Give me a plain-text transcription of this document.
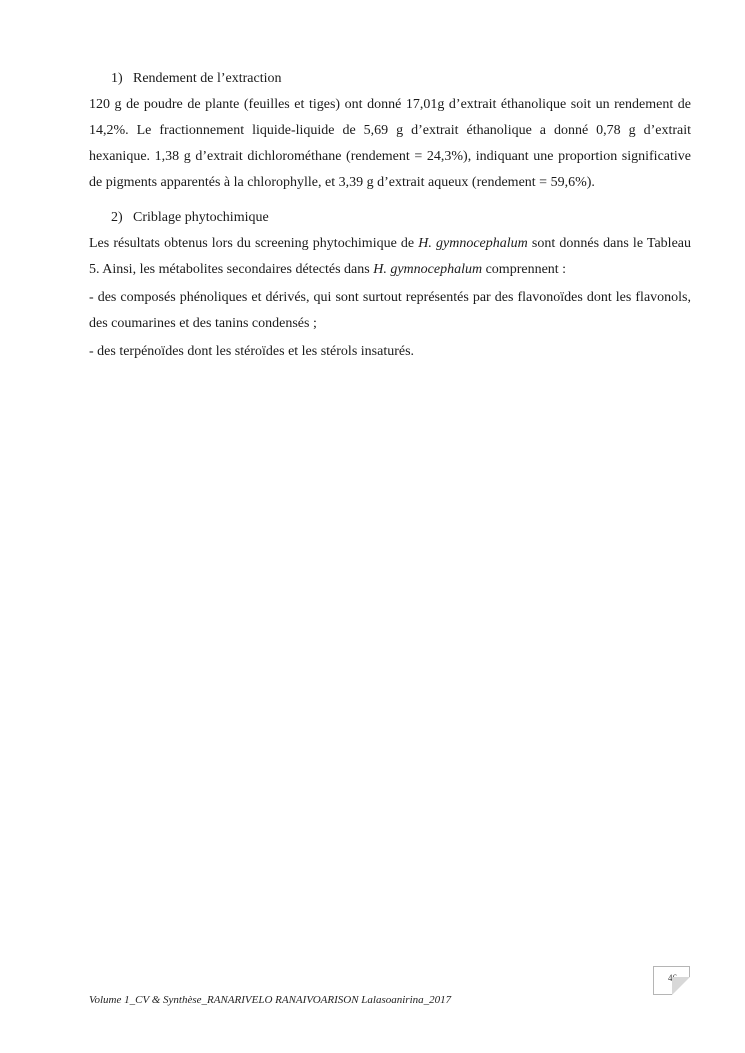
1) Rendement de l’extraction

120 g de poudre de plante (feuilles et tiges) ont donné 17,01g d’extrait éthanolique soit un rendement de 14,2%. Le fractionnement liquide-liquide de 5,69 g d’extrait éthanolique a donné 0,78 g d’extrait hexanique. 1,38 g d’extrait dichlorométhane (rendement = 24,3%), indiquant une proportion significative de pigments apparentés à la chlorophylle, et 3,39 g d’extrait aqueux (rendement = 59,6%).

2) Criblage phytochimique

Les résultats obtenus lors du screening phytochimique de H. gymnocephalum sont donnés dans le Tableau 5. Ainsi, les métabolites secondaires détectés dans H. gymnocephalum comprennent :

- des composés phénoliques et dérivés, qui sont surtout représentés par des flavonoïdes dont les flavonols, des coumarines et des tanins condensés ;

- des terpénoïdes dont les stéroïdes et les stérols insaturés.

46
Volume 1_CV & Synthèse_RANARIVELO RANAIVOARISON Lalasoanirina_2017
